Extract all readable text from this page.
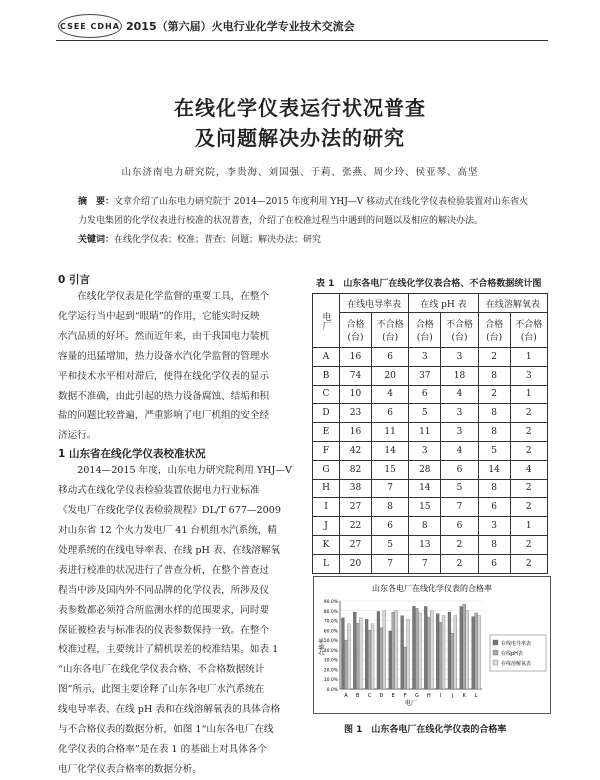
CSEE CDHA 2015（第六届）火电行业化学专业技术交流会
在线化学仪表运行状况普查
及问题解决办法的研究
山东济南电力研究院，李贵海、刘国强、于莉、张燕、周少玲、侯亚琴、高坚
摘　要：文章介绍了山东电力研究院于 2014—2015 年度利用 YHJ—V 移动式在线化学仪表检验装置对山东省火
力发电集团的化学仪表进行校准的状况普查，介绍了在校准过程当中遇到的问题以及相应的解决办法。
关键词：在线化学仪表；校准；普查；问题；解决办法；研究
0 引言
　　在线化学仪表是化学监督的重要工具，在整个
化学运行当中起到“眼睛”的作用，它能实时反映
水汽品质的好坏。然而近年来，由于我国电力装机
容量的迅猛增加，热力设备水汽化学监督的管理水
平和技术水平相对滞后，使得在线化学仪表的显示
数据不准确，由此引起的热力设备腐蚀、结垢和积
盐的问题比较普遍，严重影响了电厂机组的安全经
济运行。
1 山东省在线化学仪表校准状况
　　2014—2015 年度，山东电力研究院利用 YHJ—V
移动式在线化学仪表检验装置依据电力行业标准
《发电厂在线化学仪表检验规程》DL/T 677—2009
对山东省 12 个火力发电厂 41 台机组水汽系统，精
处理系统的在线电导率表、在线 pH 表、在线溶解氧
表进行校准的状况进行了普查分析，在整个普查过
程当中涉及国内外不同品牌的化学仪表，所涉及仪
表参数都必须符合所监测水样的范围要求，同时要
保证被检表与标准表的仪表参数保持一致。在整个
校准过程，主要统计了精机误差的校准结果。如表 1
“山东各电厂在线化学仪表合格、不合格数据统计
图”所示，此图主要诠释了山东各电厂水汽系统在
线电导率表、在线 pH 表和在线溶解氧表的具体合格
与不合格仪表的数据分析，如图 1“山东各电厂在线
化学仪表的合格率”是在表 1 的基础上对具体各个
电厂化学仪表合格率的数据分析。
表 1　山东各电厂在线化学仪表合格、不合格数据统计图
电厂	在线电导率表		在线 pH 表		在线溶解氧表	
	合格(台)	不合格(台)	合格(台)	不合格(台)	合格(台)	不合格(台)
A	16	6	3	3	2	1
B	74	20	37	18	8	3
C	10	4	6	4	2	1
D	23	6	5	3	8	2
E	16	11	11	3	8	2
F	42	14	3	4	5	2
G	82	15	28	6	14	4
H	38	7	14	5	8	2
I	27	8	15	7	6	2
J	22	6	8	6	3	1
K	27	5	13	2	8	2
L	20	7	7	2	6	2
山东各电厂在线化学仪表的合格率
0.0%
10.0%
20.0%
30.0%
40.0%
50.0%
60.0%
70.0%
80.0%
90.0%
合格率
A B C D E F G H I J K L
电厂
在线电导率表
在线pH表
在线溶解氧表
图 1　山东各电厂在线化学仪表的合格率
